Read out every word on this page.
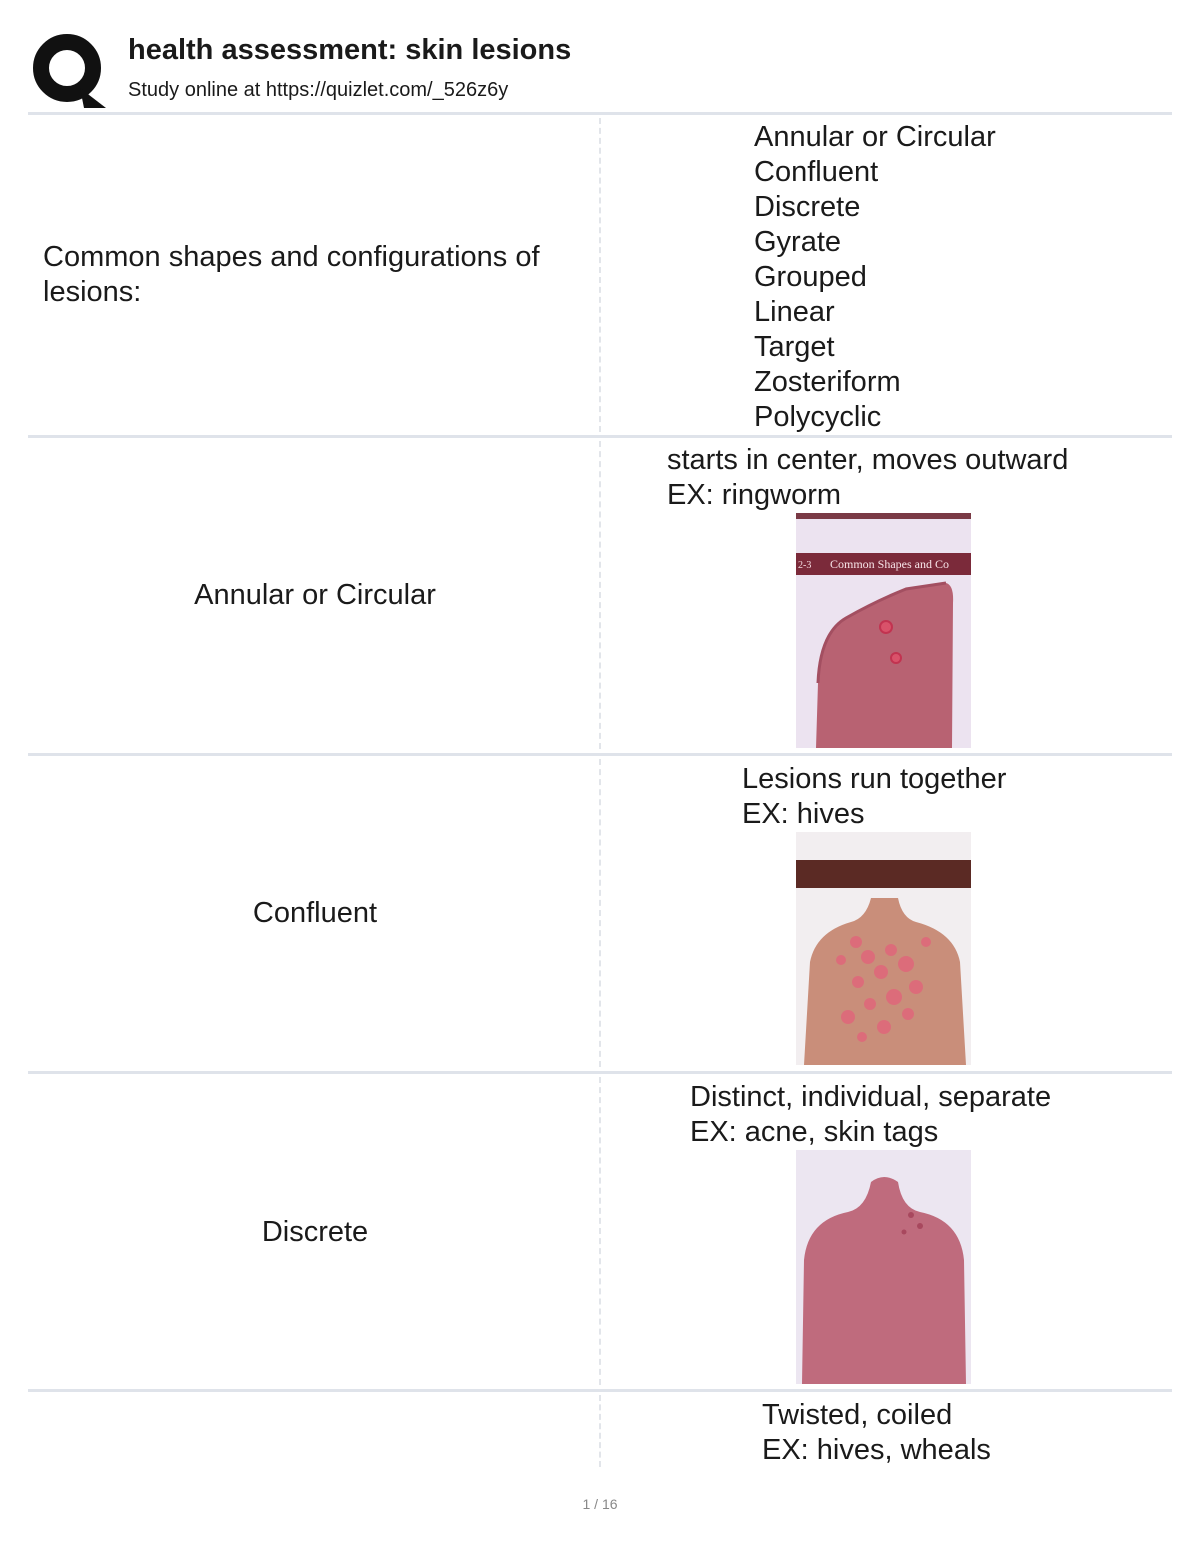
health assessment: skin lesions
Study online at https://quizlet.com/_526z6y
Common shapes and configurations of lesions:
Annular or Circular
Confluent
Discrete
Gyrate
Grouped
Linear
Target
Zosteriform
Polycyclic
Annular or Circular
starts in center, moves outward
EX: ringworm
2-3 Common Shapes and Co
Confluent
Lesions run together
EX: hives
Discrete
Distinct, individual, separate
EX: acne, skin tags
Twisted, coiled
EX: hives, wheals
1 / 16
